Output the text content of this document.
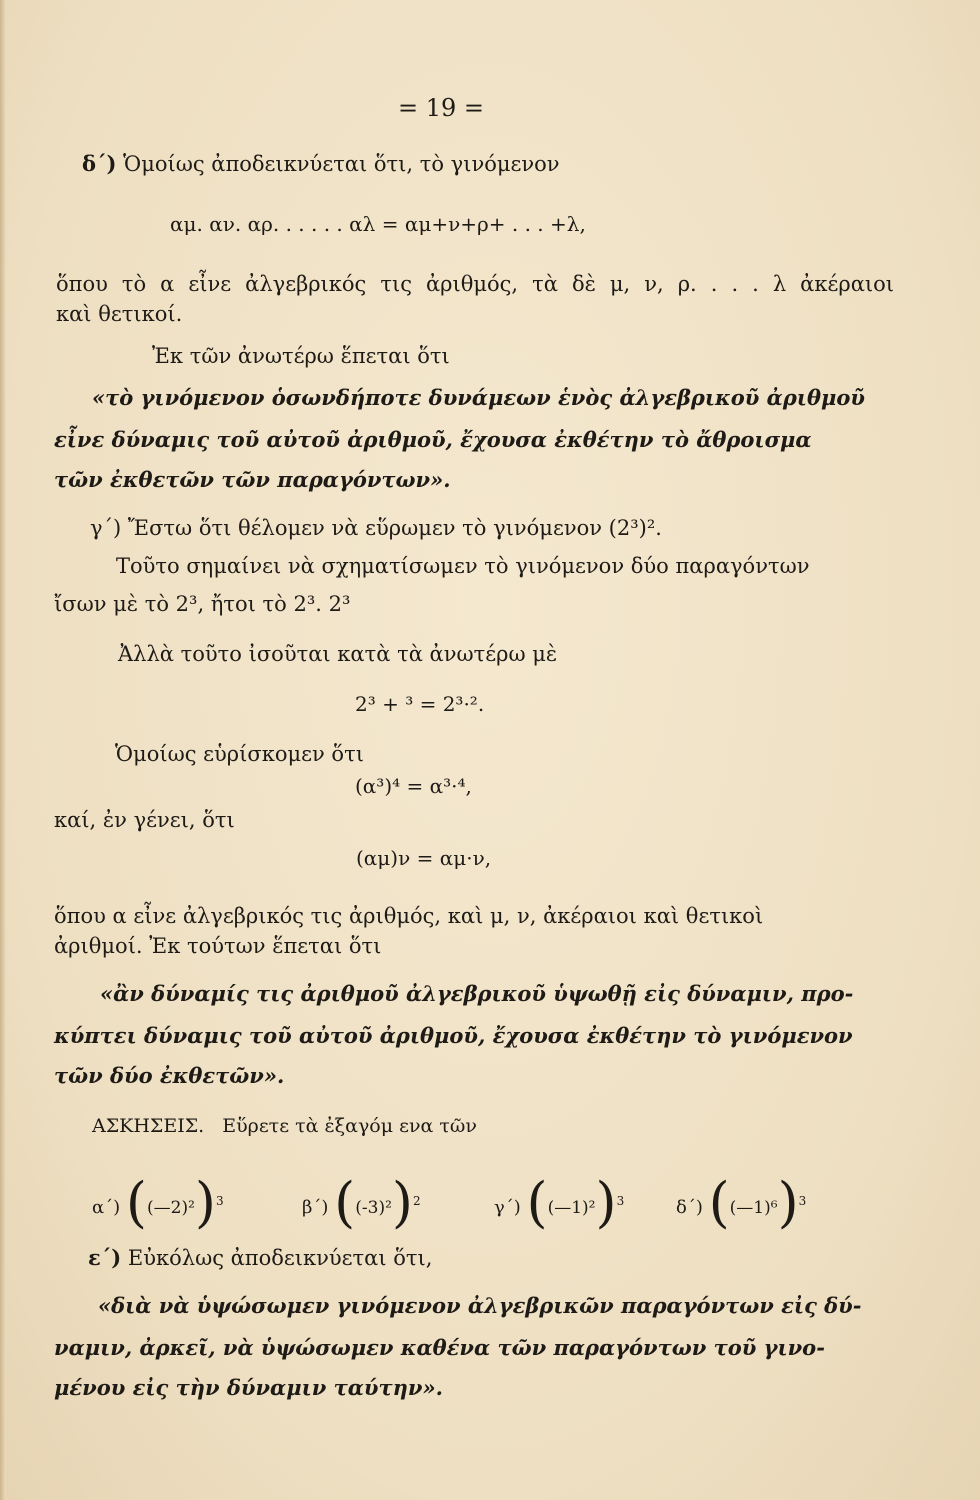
= 19 =
δ΄) Ὁμοίως ἀποδεικνύεται ὅτι, τὸ γινόμενον
αμ. αν. αρ. . . . . . αλ = αμ+ν+ρ+ . . . +λ,
ὅπου τὸ α εἶνε ἀλγεβρικός τις ἀριθμός, τὰ δὲ μ, ν, ρ. . . . λ ἀκέραιοι
καὶ θετικοί.
Ἐκ τῶν ἀνωτέρω ἕπεται ὅτι
«τὸ γινόμενον ὁσωνδήποτε δυνάμεων ἑνὸς ἀλγεβρικοῦ ἀριθμοῦ
εἶνε δύναμις τοῦ αὐτοῦ ἀριθμοῦ, ἔχουσα ἐκθέτην τὸ ἄθροισμα
τῶν ἐκθετῶν τῶν παραγόντων».
γ΄) Ἔστω ὅτι θέλομεν νὰ εὕρωμεν τὸ γινόμενον (2³)².
Τοῦτο σημαίνει νὰ σχηματίσωμεν τὸ γινόμενον δύο παραγόντων
ἴσων μὲ τὸ 2³, ἤτοι τὸ 2³. 2³
Ἀλλὰ τοῦτο ἰσοῦται κατὰ τὰ ἀνωτέρω μὲ
2³ + ³ = 2³·².
Ὁμοίως εὑρίσκομεν ὅτι
(α³)⁴ = α³·⁴,
καί, ἐν γένει, ὅτι
(αμ)ν = αμ·ν,
ὅπου α εἶνε ἀλγεβρικός τις ἀριθμός, καὶ μ, ν, ἀκέραιοι καὶ θετικοὶ
ἀριθμοί. Ἐκ τούτων ἕπεται ὅτι
«ἂν δύναμίς τις ἀριθμοῦ ἀλγεβρικοῦ ὑψωθῇ εἰς δύναμιν, προ-
κύπτει δύναμις τοῦ αὐτοῦ ἀριθμοῦ, ἔχουσα ἐκθέτην τὸ γινόμενον
τῶν δύο ἐκθετῶν».
ΑΣΚΗΣΕΙΣ. Εὕρετε τὰ ἐξαγόμ ενα τῶν
α΄) ((—2)²)$^3$	β΄) $((-3)^2)^2$	γ΄) ((—1)²)$^3$	δ΄) ((—1)⁶)$^3$
ε΄) Εὐκόλως ἀποδεικνύεται ὅτι,
«διὰ νὰ ὑψώσωμεν γινόμενον ἀλγεβρικῶν παραγόντων εἰς δύ-
ναμιν, ἀρκεῖ, νὰ ὑψώσωμεν καθένα τῶν παραγόντων τοῦ γινο-
μένου εἰς τὴν δύναμιν ταύτην».
